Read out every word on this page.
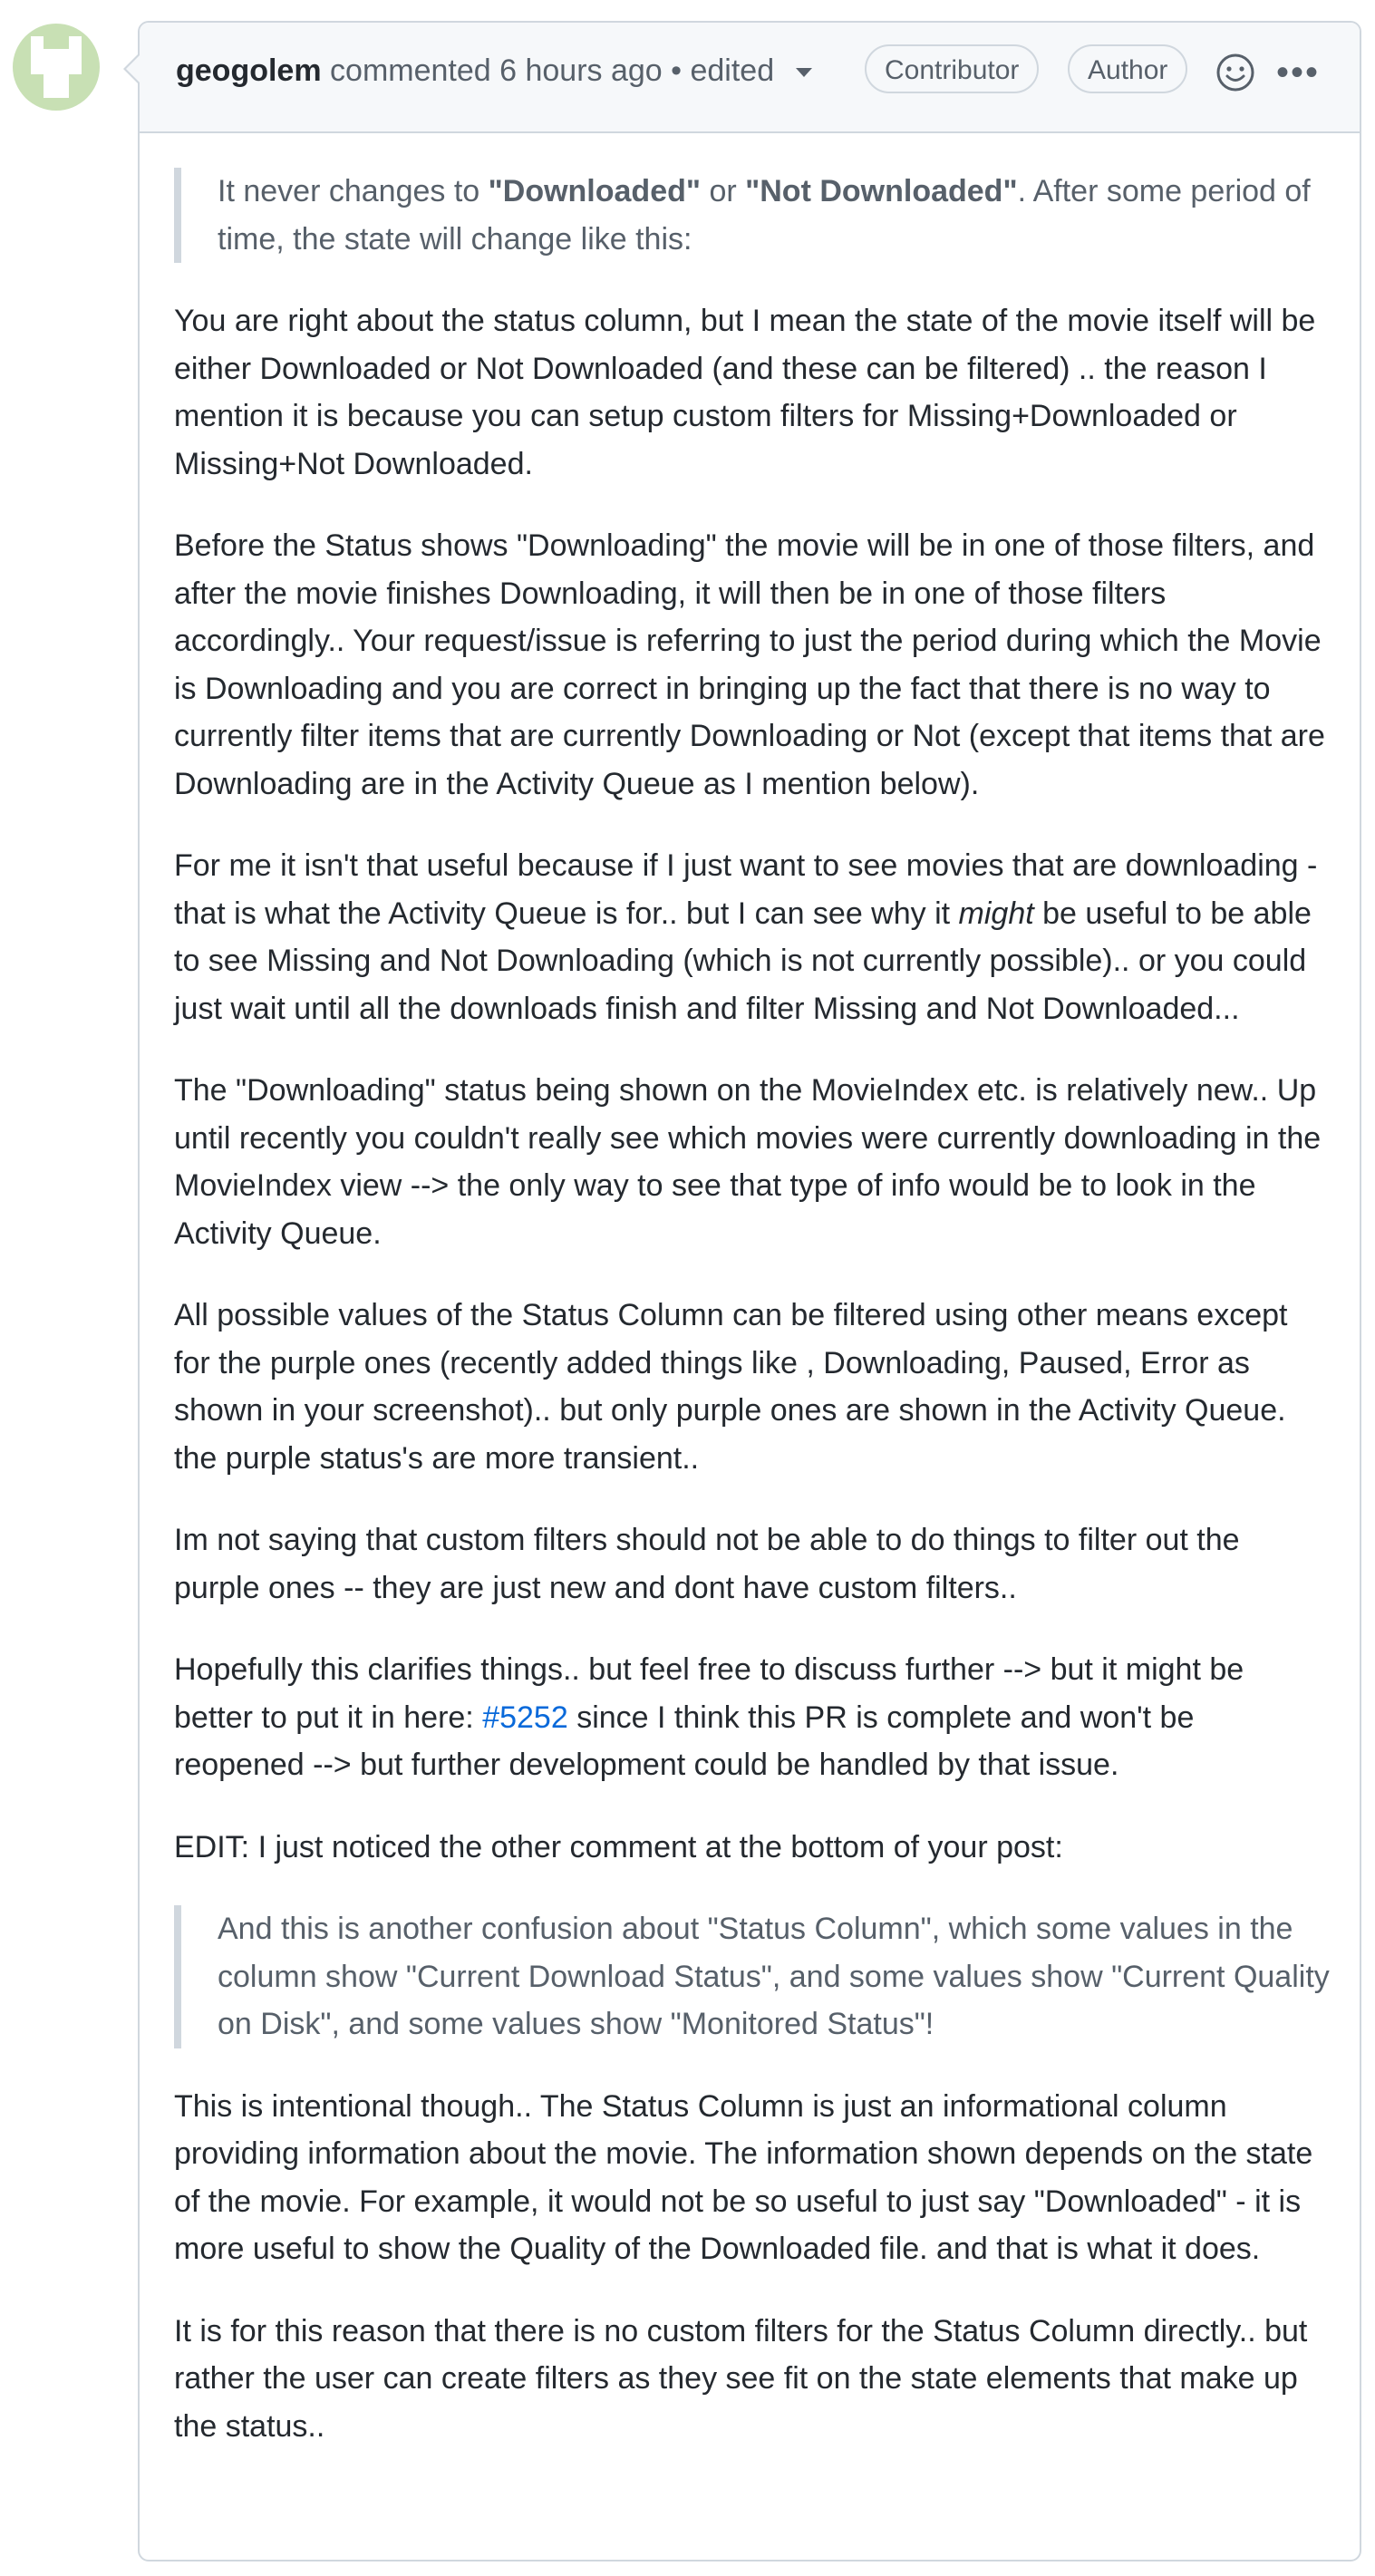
geogolem commented 6 hours ago • edited	Contributor	Author	•••

It never changes to "Downloaded" or "Not Downloaded". After some period of time, the state will change like this:

You are right about the status column, but I mean the state of the movie itself will be either Downloaded or Not Downloaded (and these can be filtered) .. the reason I mention it is because you can setup custom filters for Missing+Downloaded or Missing+Not Downloaded.

Before the Status shows "Downloading" the movie will be in one of those filters, and after the movie finishes Downloading, it will then be in one of those filters accordingly.. Your request/issue is referring to just the period during which the Movie is Downloading and you are correct in bringing up the fact that there is no way to currently filter items that are currently Downloading or Not (except that items that are Downloading are in the Activity Queue as I mention below).

For me it isn't that useful because if I just want to see movies that are downloading - that is what the Activity Queue is for.. but I can see why it might be useful to be able to see Missing and Not Downloading (which is not currently possible).. or you could just wait until all the downloads finish and filter Missing and Not Downloaded...

The "Downloading" status being shown on the MovieIndex etc. is relatively new.. Up until recently you couldn't really see which movies were currently downloading in the MovieIndex view --> the only way to see that type of info would be to look in the Activity Queue.

All possible values of the Status Column can be filtered using other means except for the purple ones (recently added things like , Downloading, Paused, Error as shown in your screenshot).. but only purple ones are shown in the Activity Queue. the purple status's are more transient..

Im not saying that custom filters should not be able to do things to filter out the purple ones -- they are just new and dont have custom filters..

Hopefully this clarifies things.. but feel free to discuss further --> but it might be better to put it in here: #5252 since I think this PR is complete and won't be reopened --> but further development could be handled by that issue.

EDIT: I just noticed the other comment at the bottom of your post:

And this is another confusion about "Status Column", which some values in the column show "Current Download Status", and some values show "Current Quality on Disk", and some values show "Monitored Status"!

This is intentional though.. The Status Column is just an informational column providing information about the movie. The information shown depends on the state of the movie. For example, it would not be so useful to just say "Downloaded" - it is more useful to show the Quality of the Downloaded file. and that is what it does.

It is for this reason that there is no custom filters for the Status Column directly.. but rather the user can create filters as they see fit on the state elements that make up the status..
